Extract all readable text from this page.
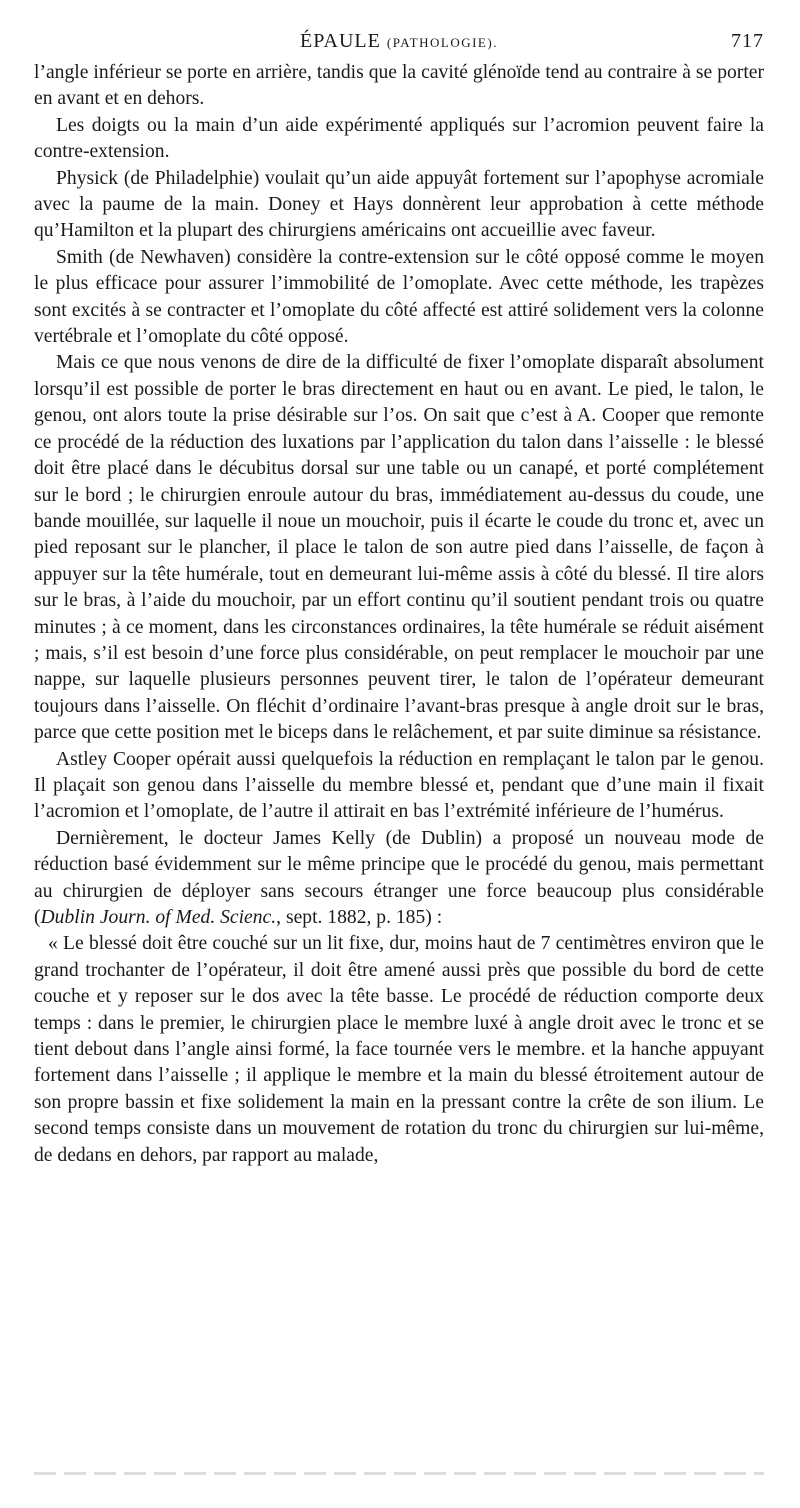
ÉPAULE (PATHOLOGIE).	717

l’angle inférieur se porte en arrière, tandis que la cavité glénoïde tend au contraire à se porter en avant et en dehors.

Les doigts ou la main d’un aide expérimenté appliqués sur l’acromion peuvent faire la contre-extension.

Physick (de Philadelphie) voulait qu’un aide appuyât fortement sur l’apophyse acromiale avec la paume de la main. Doney et Hays donnèrent leur approbation à cette méthode qu’Hamilton et la plupart des chirurgiens américains ont accueillie avec faveur.

Smith (de Newhaven) considère la contre-extension sur le côté opposé comme le moyen le plus efficace pour assurer l’immobilité de l’omoplate. Avec cette méthode, les trapèzes sont excités à se contracter et l’omoplate du côté affecté est attiré solidement vers la colonne vertébrale et l’omoplate du côté opposé.

Mais ce que nous venons de dire de la difficulté de fixer l’omoplate disparaît absolument lorsqu’il est possible de porter le bras directement en haut ou en avant. Le pied, le talon, le genou, ont alors toute la prise désirable sur l’os. On sait que c’est à A. Cooper que remonte ce procédé de la réduction des luxations par l’application du talon dans l’aisselle : le blessé doit être placé dans le décubitus dorsal sur une table ou un canapé, et porté complétement sur le bord ; le chirurgien enroule autour du bras, immédiatement au-dessus du coude, une bande mouillée, sur laquelle il noue un mouchoir, puis il écarte le coude du tronc et, avec un pied reposant sur le plancher, il place le talon de son autre pied dans l’aisselle, de façon à appuyer sur la tête humérale, tout en demeurant lui-même assis à côté du blessé. Il tire alors sur le bras, à l’aide du mouchoir, par un effort continu qu’il soutient pendant trois ou quatre minutes ; à ce moment, dans les circonstances ordinaires, la tête humérale se réduit aisément ; mais, s’il est besoin d’une force plus considérable, on peut remplacer le mouchoir par une nappe, sur laquelle plusieurs personnes peuvent tirer, le talon de l’opérateur demeurant toujours dans l’aisselle. On fléchit d’ordinaire l’avant-bras presque à angle droit sur le bras, parce que cette position met le biceps dans le relâchement, et par suite diminue sa résistance.

Astley Cooper opérait aussi quelquefois la réduction en remplaçant le talon par le genou. Il plaçait son genou dans l’aisselle du membre blessé et, pendant que d’une main il fixait l’acromion et l’omoplate, de l’autre il attirait en bas l’extrémité inférieure de l’humérus.

Dernièrement, le docteur James Kelly (de Dublin) a proposé un nouveau mode de réduction basé évidemment sur le même principe que le procédé du genou, mais permettant au chirurgien de déployer sans secours étranger une force beaucoup plus considérable (Dublin Journ. of Med. Scienc., sept. 1882, p. 185) :

« Le blessé doit être couché sur un lit fixe, dur, moins haut de 7 centimètres environ que le grand trochanter de l’opérateur, il doit être amené aussi près que possible du bord de cette couche et y reposer sur le dos avec la tête basse. Le procédé de réduction comporte deux temps : dans le premier, le chirurgien place le membre luxé à angle droit avec le tronc et se tient debout dans l’angle ainsi formé, la face tournée vers le membre. et la hanche appuyant fortement dans l’aisselle ; il applique le membre et la main du blessé étroitement autour de son propre bassin et fixe solidement la main en la pressant contre la crête de son ilium. Le second temps consiste dans un mouvement de rotation du tronc du chirurgien sur lui-même, de dedans en dehors, par rapport au malade,
